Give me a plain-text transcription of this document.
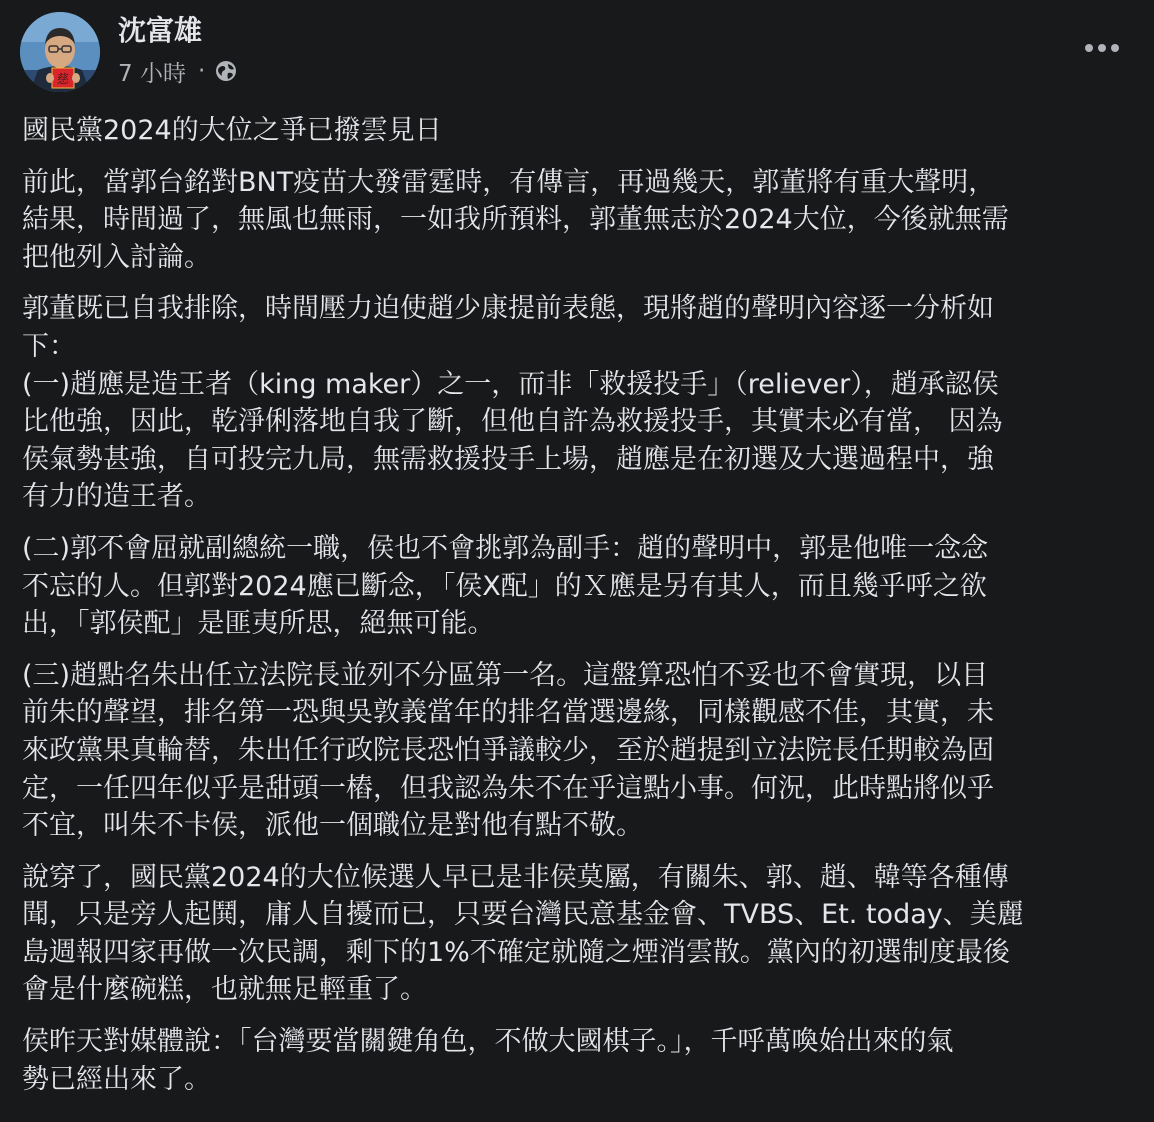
慈
沈富雄
7 小時 ·

國民黨2024的大位之爭已撥雲見日

前此，當郭台銘對BNT疫苗大發雷霆時，有傳言，再過幾天，郭董將有重大聲明，
結果，時間過了，無風也無雨，一如我所預料，郭董無志於2024大位，今後就無需
把他列入討論。

郭董既已自我排除，時間壓力迫使趙少康提前表態，現將趙的聲明內容逐一分析如
下：
(一)趙應是造王者（king maker）之一，而非「救援投手」（reliever），趙承認侯
比他強，因此，乾淨俐落地自我了斷，但他自許為救援投手，其實未必有當， 因為
侯氣勢甚強，自可投完九局，無需救援投手上場，趙應是在初選及大選過程中，強
有力的造王者。

(二)郭不會屈就副總統一職，侯也不會挑郭為副手：趙的聲明中，郭是他唯一念念
不忘的人。但郭對2024應已斷念，「侯X配」的Ｘ應是另有其人，而且幾乎呼之欲
出，「郭侯配」是匪夷所思，絕無可能。

(三)趙點名朱出任立法院長並列不分區第一名。這盤算恐怕不妥也不會實現，以目
前朱的聲望，排名第一恐與吳敦義當年的排名當選邊緣，同樣觀感不佳，其實，未
來政黨果真輪替，朱出任行政院長恐怕爭議較少，至於趙提到立法院長任期較為固
定，一任四年似乎是甜頭一樁，但我認為朱不在乎這點小事。何況，此時點將似乎
不宜，叫朱不卡侯，派他一個職位是對他有點不敬。

說穿了，國民黨2024的大位候選人早已是非侯莫屬，有關朱、郭、趙、韓等各種傳
聞，只是旁人起鬨，庸人自擾而已，只要台灣民意基金會、TVBS、Et. today、美麗
島週報四家再做一次民調，剩下的1%不確定就隨之煙消雲散。黨內的初選制度最後
會是什麼碗糕，也就無足輕重了。

侯昨天對媒體說：「台灣要當關鍵角色，不做大國棋子。」，千呼萬喚始出來的氣
勢已經出來了。
